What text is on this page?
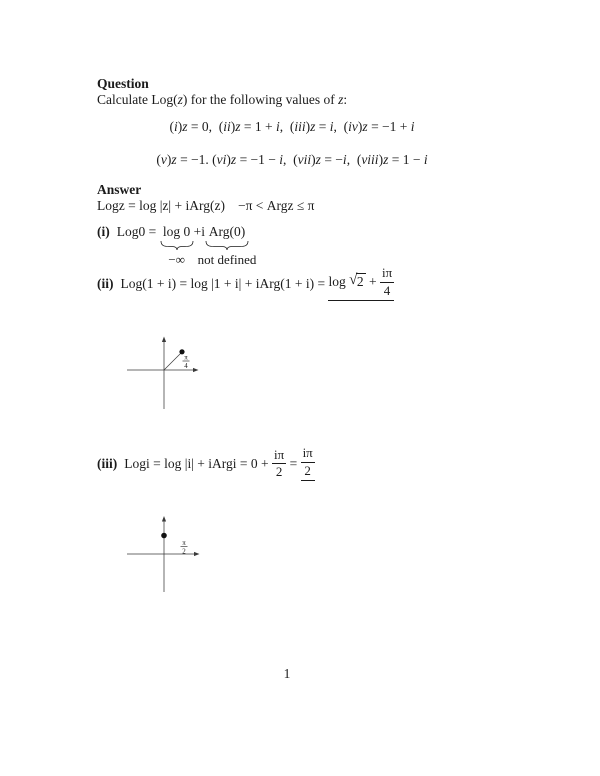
Question
Calculate Log(z) for the following values of z:
(i)z = 0, (ii)z = 1 + i, (iii)z = i, (iv)z = −1 + i
(v)z = −1. (vi)z = −1 − i, (vii)z = −i, (viii)z = 1 − i
Answer
Logz = log |z| + iArg(z) −π < Argz ≤ π
(i) Log0 = log 0
−∞
+i Arg(0)
not defined
(ii) Log(1 + i) = log |1 + i| + iArg(1 + i) = log √ $2 + \frac{i\pi}{4}$
π
4
(iii) Logi = log |i| + iArgi = $0 + \frac{i\pi}{2} = \frac{i\pi}{2}$
π
2
1
